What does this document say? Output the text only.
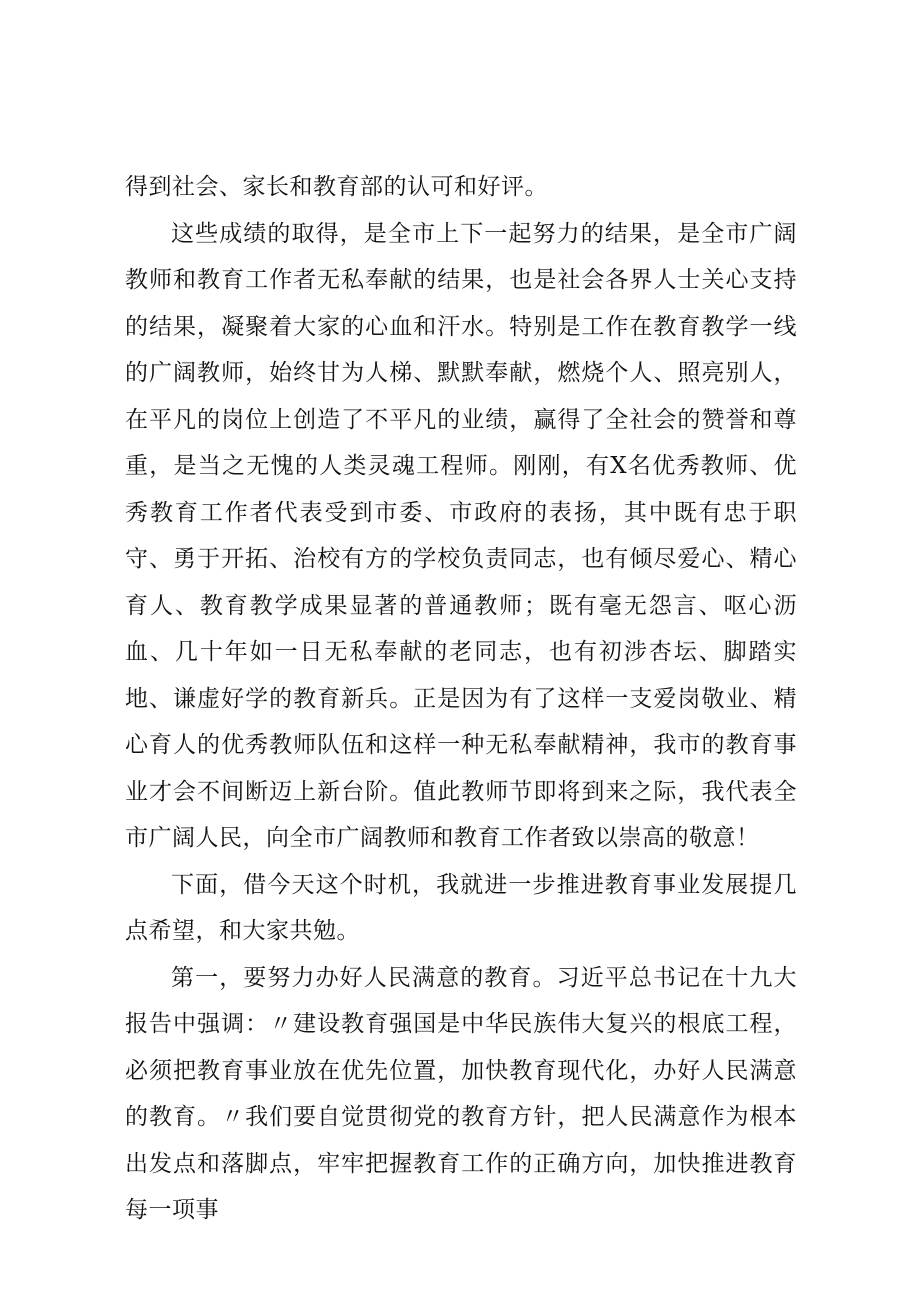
得到社会、家长和教育部的认可和好评。

这些成绩的取得，是全市上下一起努力的结果，是全市广阔教师和教育工作者无私奉献的结果，也是社会各界人士关心支持的结果，凝聚着大家的心血和汗水。特别是工作在教育教学一线的广阔教师，始终甘为人梯、默默奉献，燃烧个人、照亮别人，在平凡的岗位上创造了不平凡的业绩，赢得了全社会的赞誉和尊重，是当之无愧的人类灵魂工程师。刚刚，有X名优秀教师、优秀教育工作者代表受到市委、市政府的表扬，其中既有忠于职守、勇于开拓、治校有方的学校负责同志，也有倾尽爱心、精心育人、教育教学成果显著的普通教师；既有毫无怨言、呕心沥血、几十年如一日无私奉献的老同志，也有初涉杏坛、脚踏实地、谦虚好学的教育新兵。正是因为有了这样一支爱岗敬业、精心育人的优秀教师队伍和这样一种无私奉献精神，我市的教育事业才会不间断迈上新台阶。值此教师节即将到来之际，我代表全市广阔人民，向全市广阔教师和教育工作者致以崇高的敬意！

下面，借今天这个时机，我就进一步推进教育事业发展提几点希望，和大家共勉。

第一，要努力办好人民满意的教育。习近平总书记在十九大报告中强调：〃建设教育强国是中华民族伟大复兴的根底工程，必须把教育事业放在优先位置，加快教育现代化，办好人民满意的教育。〃我们要自觉贯彻党的教育方针，把人民满意作为根本出发点和落脚点，牢牢把握教育工作的正确方向，加快推进教育每一项事
